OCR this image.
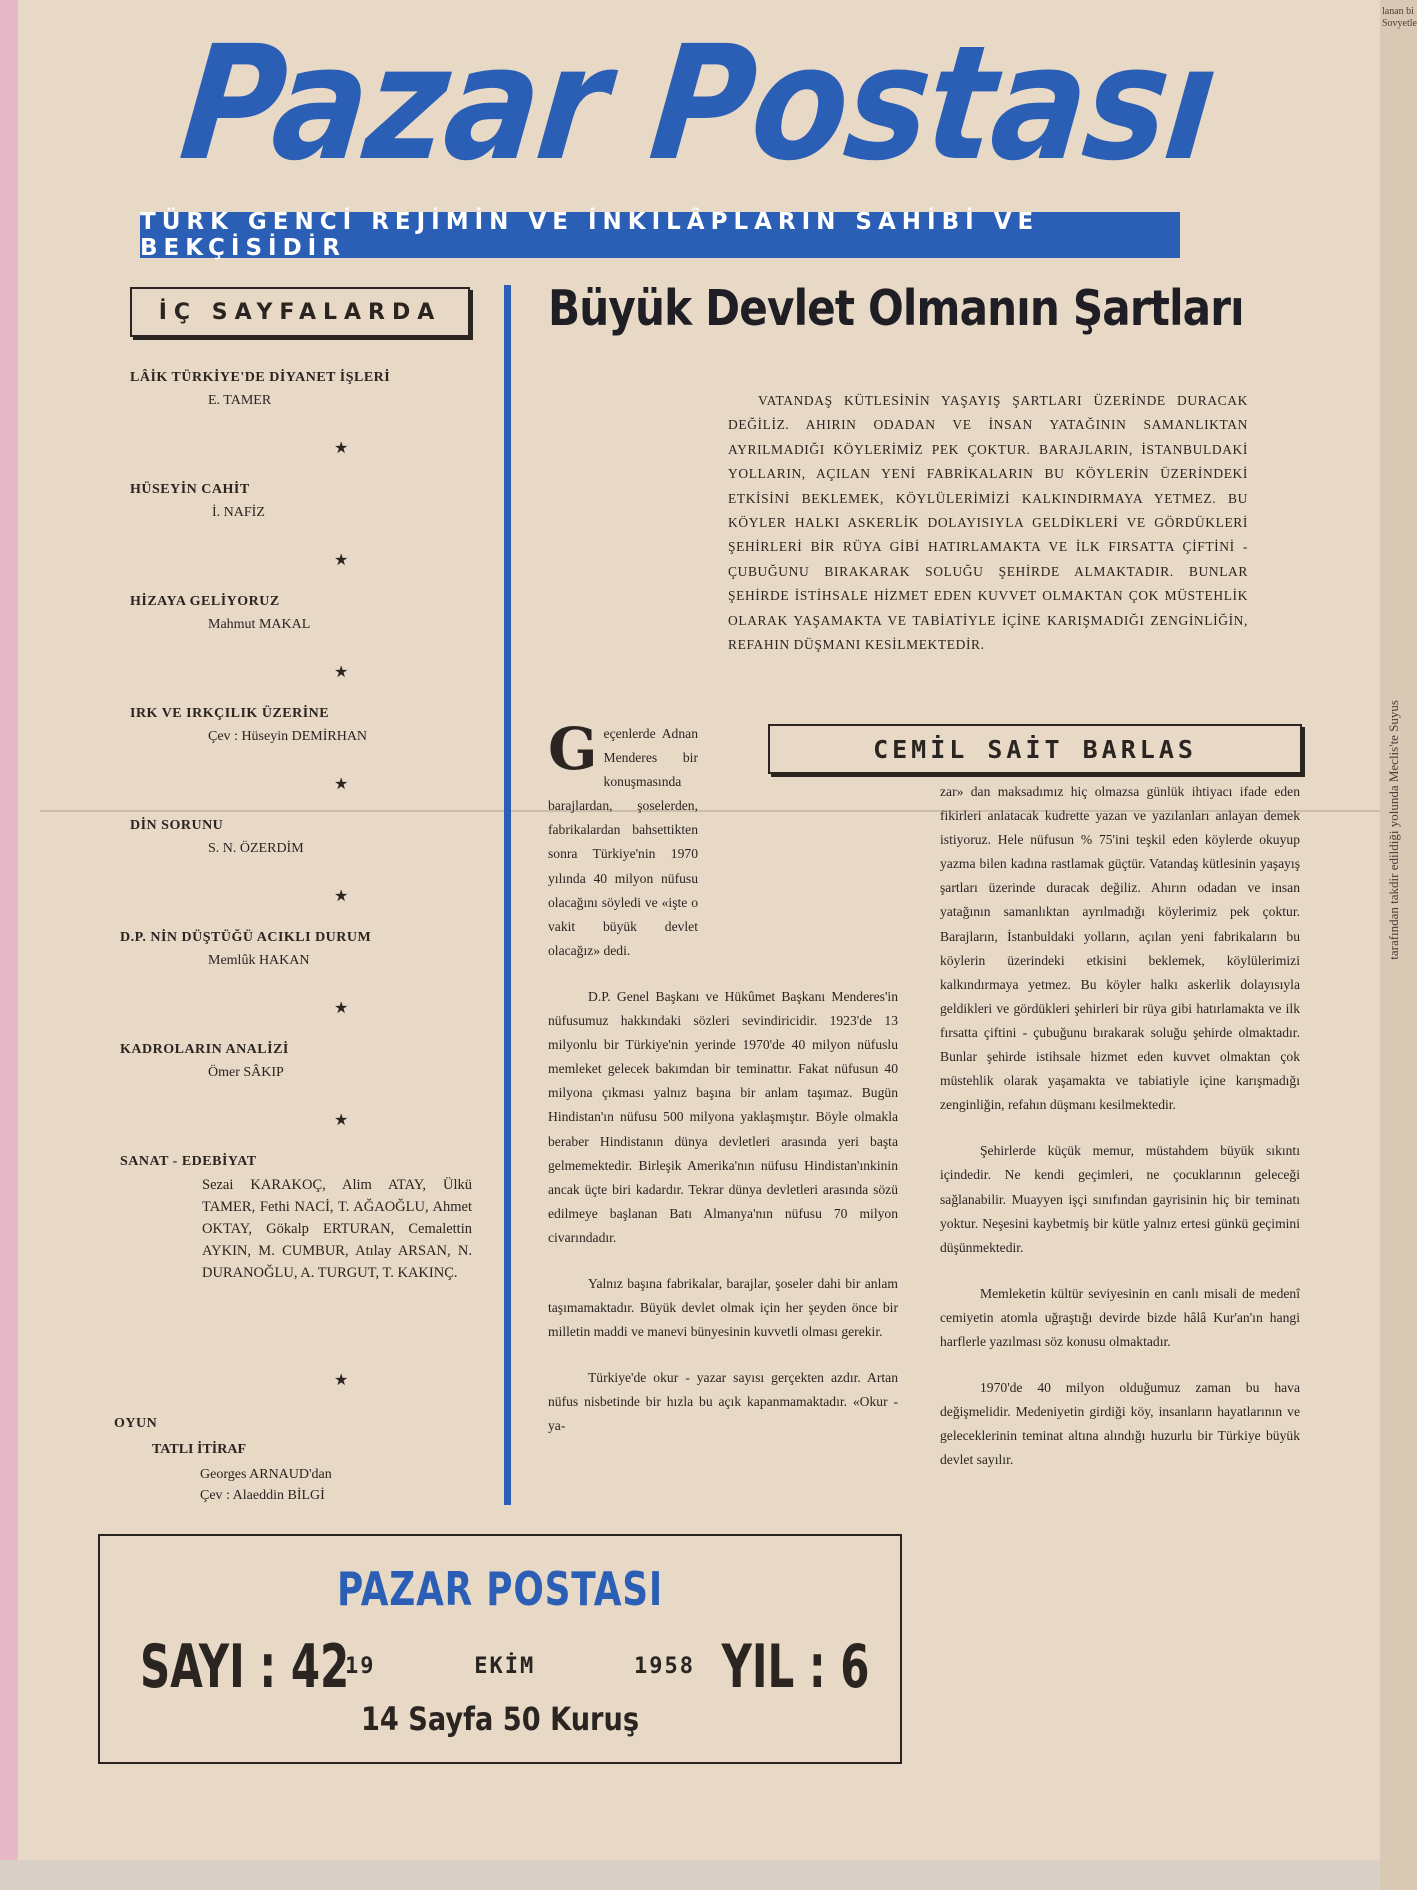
lanan bi Sovyetle
tarafından takdir edildiği yolunda Meclis'te Suyus
Pazar Postası
TÜRK GENCİ REJİMİN VE İNKILÂPLARIN SAHİBİ VE BEKÇİSİDİR
İÇ SAYFALARDA
LÂİK TÜRKİYE'DE DİYANET İŞLERİ
E. TAMER
★
HÜSEYİN CAHİT
İ. NAFİZ
★
HİZAYA GELİYORUZ
Mahmut MAKAL
★
IRK VE IRKÇILIK ÜZERİNE
Çev : Hüseyin DEMİRHAN
★
DİN SORUNU
S. N. ÖZERDİM
★
D.P. NİN DÜŞTÜĞÜ ACIKLI DURUM
Memlûk HAKAN
★
KADROLARIN ANALİZİ
Ömer SÂKIP
★
SANAT - EDEBİYAT
Sezai KARAKOÇ, Alim ATAY, Ülkü TAMER, Fethi NACİ, T. AĞAOĞLU, Ahmet OKTAY, Gökalp ERTURAN, Cemalettin AYKIN, M. CUMBUR, Atılay ARSAN, N. DURANOĞLU, A. TURGUT, T. KAKINÇ.
★
OYUN
TATLI İTİRAF
Georges ARNAUD'dan
Çev : Alaeddin BİLGİ
Büyük Devlet Olmanın Şartları

VATANDAŞ KÜTLESİNİN YAŞAYIŞ ŞARTLARI ÜZERİNDE DURACAK DEĞİLİZ. AHIRIN ODADAN VE İNSAN YATAĞININ SAMANLIKTAN AYRILMADIĞI KÖYLERİMİZ PEK ÇOKTUR. BARAJLARIN, İSTANBULDAKİ YOLLARIN, AÇILAN YENİ FABRİKALARIN BU KÖYLERİN ÜZERİNDEKİ ETKİSİNİ BEKLEMEK, KÖYLÜLERİMİZİ KALKINDIRMAYA YETMEZ. BU KÖYLER HALKI ASKERLİK DOLAYISIYLA GELDİKLERİ VE GÖRDÜKLERİ ŞEHİRLERİ BİR RÜYA GİBİ HATIRLAMAKTA VE İLK FIRSATTA ÇİFTİNİ - ÇUBUĞUNU BIRAKARAK SOLUĞU ŞEHİRDE ALMAKTADIR. BUNLAR ŞEHİRDE İSTİHSALE HİZMET EDEN KUVVET OLMAKTAN ÇOK MÜSTEHLİK OLARAK YAŞAMAKTA VE TABİATİYLE İÇİNE KARIŞMADIĞI ZENGİNLİĞİN, REFAHIN DÜŞMANI KESİLMEKTEDİR.

CEMİL SAİT BARLAS

Geçenlerde Adnan Menderes bir konuşmasında barajlardan, şoselerden, fabrikalardan bahsettikten sonra Türkiye'nin 1970 yılında 40 milyon nüfusu olacağını söyledi ve «işte o vakit büyük devlet olacağız» dedi.

D.P. Genel Başkanı ve Hükûmet Başkanı Menderes'in nüfusumuz hakkındaki sözleri sevindiricidir. 1923'de 13 milyonlu bir Türkiye'nin yerinde 1970'de 40 milyon nüfuslu memleket gelecek bakımdan bir teminattır. Fakat nüfusun 40 milyona çıkması yalnız başına bir anlam taşımaz. Bugün Hindistan'ın nüfusu 500 milyona yaklaşmıştır. Böyle olmakla beraber Hindistanın dünya devletleri arasında yeri başta gelmemektedir. Birleşik Amerika'nın nüfusu Hindistan'ınkinin ancak üçte biri kadardır. Tekrar dünya devletleri arasında sözü edilmeye başlanan Batı Almanya'nın nüfusu 70 milyon civarındadır.

Yalnız başına fabrikalar, barajlar, şoseler dahi bir anlam taşımamaktadır. Büyük devlet olmak için her şeyden önce bir milletin maddi ve manevi bünyesinin kuvvetli olması gerekir.

Türkiye'de okur - yazar sayısı gerçekten azdır. Artan nüfus nisbetinde bir hızla bu açık kapanmamaktadır. «Okur - ya-

zar» dan maksadımız hiç olmazsa günlük ihtiyacı ifade eden fikirleri anlatacak kudrette yazan ve yazılanları anlayan demek istiyoruz. Hele nüfusun % 75'ini teşkil eden köylerde okuyup yazma bilen kadına rastlamak güçtür. Vatandaş kütlesinin yaşayış şartları üzerinde duracak değiliz. Ahırın odadan ve insan yatağının samanlıktan ayrılmadığı köylerimiz pek çoktur. Barajların, İstanbuldaki yolların, açılan yeni fabrikaların bu köylerin üzerindeki etkisini beklemek, köylülerimizi kalkındırmaya yetmez. Bu köyler halkı askerlik dolayısıyla geldikleri ve gördükleri şehirleri bir rüya gibi hatırlamakta ve ilk fırsatta çiftini - çubuğunu bırakarak soluğu şehirde olmaktadır. Bunlar şehirde istihsale hizmet eden kuvvet olmaktan çok müstehlik olarak yaşamakta ve tabiatiyle içine karışmadığı zenginliğin, refahın düşmanı kesilmektedir.

Şehirlerde küçük memur, müstahdem büyük sıkıntı içindedir. Ne kendi geçimleri, ne çocuklarının geleceği sağlanabilir. Muayyen işçi sınıfından gayrisinin hiç bir teminatı yoktur. Neşesini kaybetmiş bir kütle yalnız ertesi günkü geçimini düşünmektedir.

Memleketin kültür seviyesinin en canlı misali de medenî cemiyetin atomla uğraştığı devirde bizde hâlâ Kur'an'ın hangi harflerle yazılması söz konusu olmaktadır.

1970'de 40 milyon olduğumuz zaman bu hava değişmelidir. Medeniyetin girdiği köy, insanların hayatlarının ve geleceklerinin teminat altına alındığı huzurlu bir Türkiye büyük devlet sayılır.

PAZAR POSTASI
SAYI : 42
19	EKİM	1958 YIL : 6
14 Sayfa 50 Kuruş
